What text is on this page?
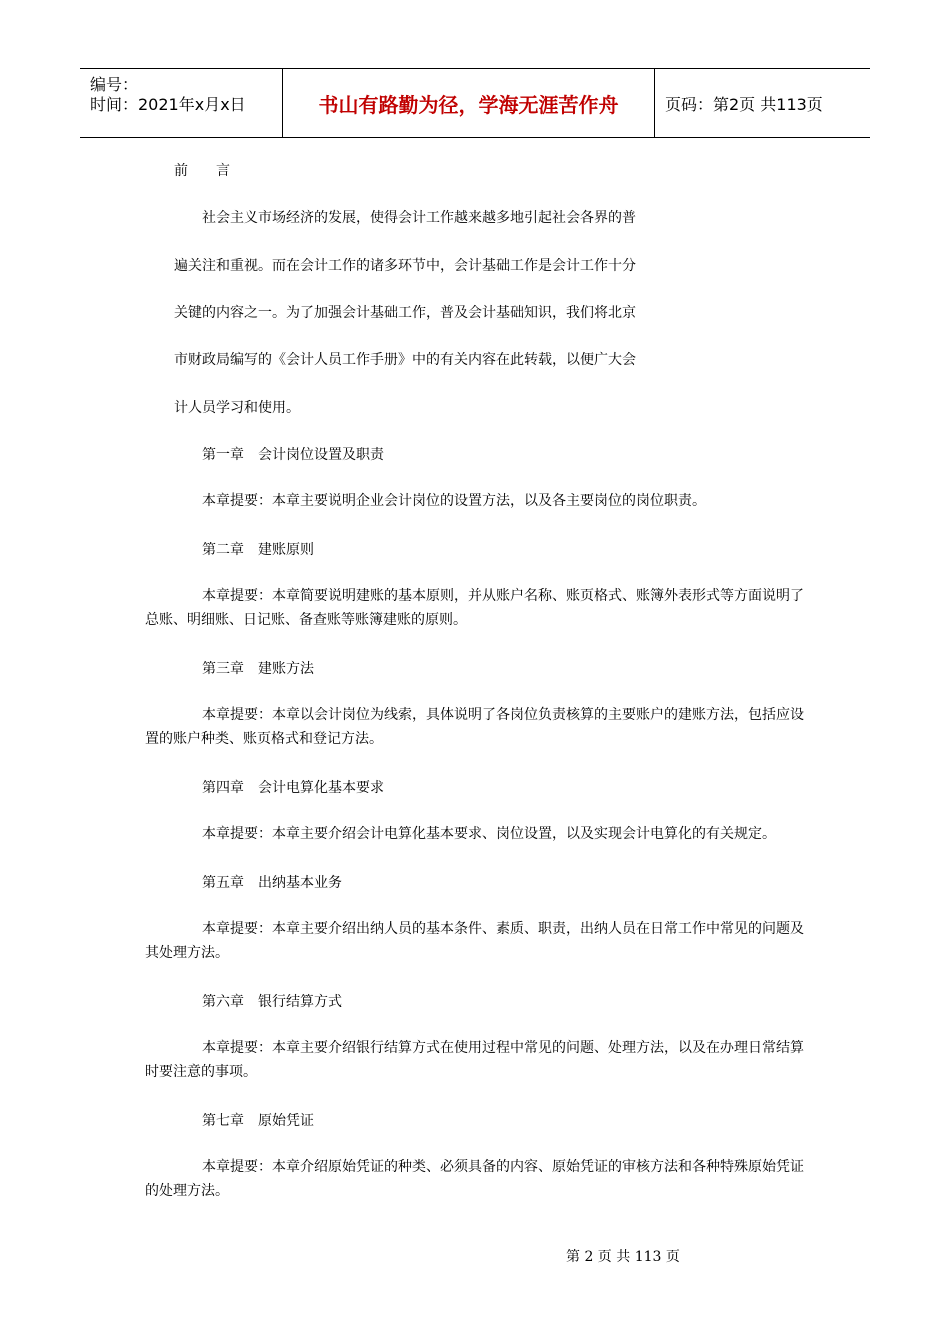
编号：
时间：2021年x月x日	书山有路勤为径，学海无涯苦作舟	页码：第2页 共113页
前　　言
社会主义市场经济的发展，使得会计工作越来越多地引起社会各界的普
遍关注和重视。而在会计工作的诸多环节中，会计基础工作是会计工作十分
关键的内容之一。为了加强会计基础工作，普及会计基础知识，我们将北京
市财政局编写的《会计人员工作手册》中的有关内容在此转载，以便广大会
计人员学习和使用。
第一章　会计岗位设置及职责
本章提要：本章主要说明企业会计岗位的设置方法，以及各主要岗位的岗位职责。
第二章　建账原则
本章提要：本章简要说明建账的基本原则，并从账户名称、账页格式、账簿外表形式等方面说明了总账、明细账、日记账、备查账等账簿建账的原则。
第三章　建账方法
本章提要：本章以会计岗位为线索，具体说明了各岗位负责核算的主要账户的建账方法，包括应设置的账户种类、账页格式和登记方法。
第四章　会计电算化基本要求
本章提要：本章主要介绍会计电算化基本要求、岗位设置，以及实现会计电算化的有关规定。
第五章　出纳基本业务
本章提要：本章主要介绍出纳人员的基本条件、素质、职责，出纳人员在日常工作中常见的问题及其处理方法。
第六章　银行结算方式
本章提要：本章主要介绍银行结算方式在使用过程中常见的问题、处理方法，以及在办理日常结算时要注意的事项。
第七章　原始凭证
本章提要：本章介绍原始凭证的种类、必须具备的内容、原始凭证的审核方法和各种特殊原始凭证的处理方法。
第 2 页 共 113 页
